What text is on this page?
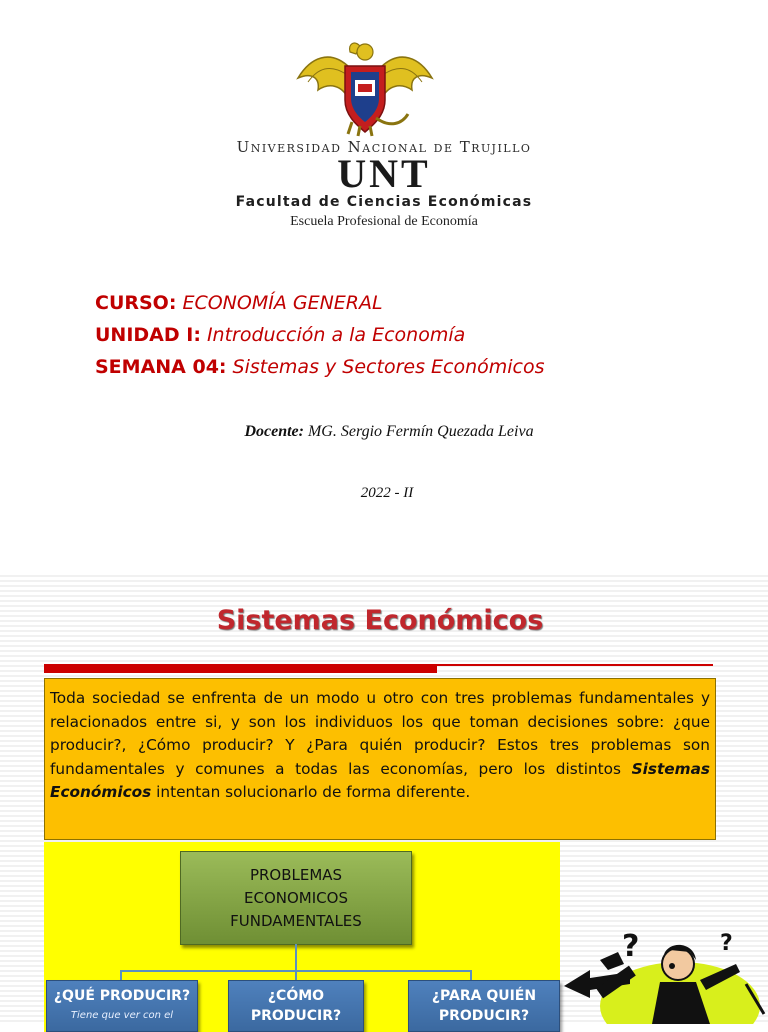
Universidad Nacional de Trujillo
UNT
Facultad de Ciencias Económicas
Escuela Profesional de Economía
CURSO: ECONOMÍA GENERAL
UNIDAD I: Introducción a la Economía
SEMANA 04: Sistemas y Sectores Económicos
Docente: MG. Sergio Fermín Quezada Leiva
2022 - II
Sistemas Económicos

Toda sociedad se enfrenta de un modo u otro con tres problemas fundamentales y relacionados entre si, y son los individuos los que toman decisiones sobre: ¿que producir?, ¿Cómo producir? Y ¿Para quién producir? Estos tres problemas son fundamentales y comunes a todas las economías, pero los distintos Sistemas Económicos intentan solucionarlo de forma diferente.

PROBLEMAS ECONOMICOS FUNDAMENTALES
¿QUÉ PRODUCIR?
Tiene que ver con el
¿CÓMO PRODUCIR?
¿PARA QUIÉN PRODUCIR?
?	?
